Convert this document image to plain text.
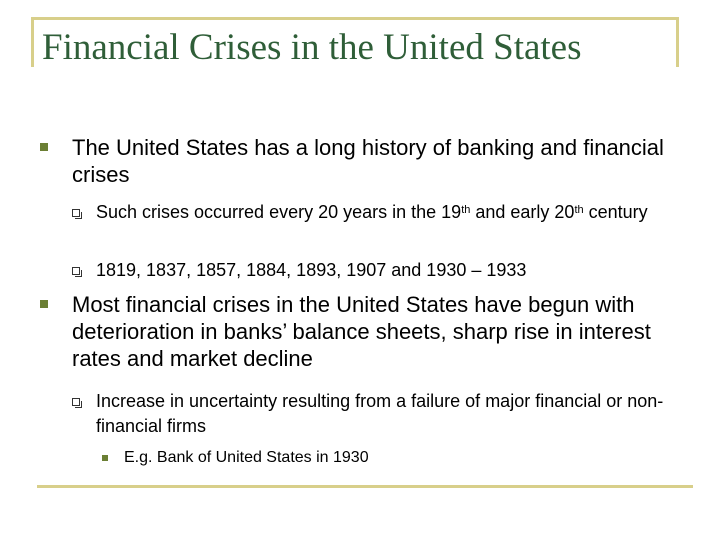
Financial Crises in the United States
The United States has a long history of banking and financial crises
Such crises occurred every 20 years in the 19th and early 20th century
1819, 1837, 1857, 1884, 1893, 1907 and 1930 – 1933
Most financial crises in the United States have begun with deterioration in banks’ balance sheets, sharp rise in interest rates and market decline
Increase in uncertainty resulting from a failure of major financial or non-financial firms
E.g. Bank of United States in 1930
